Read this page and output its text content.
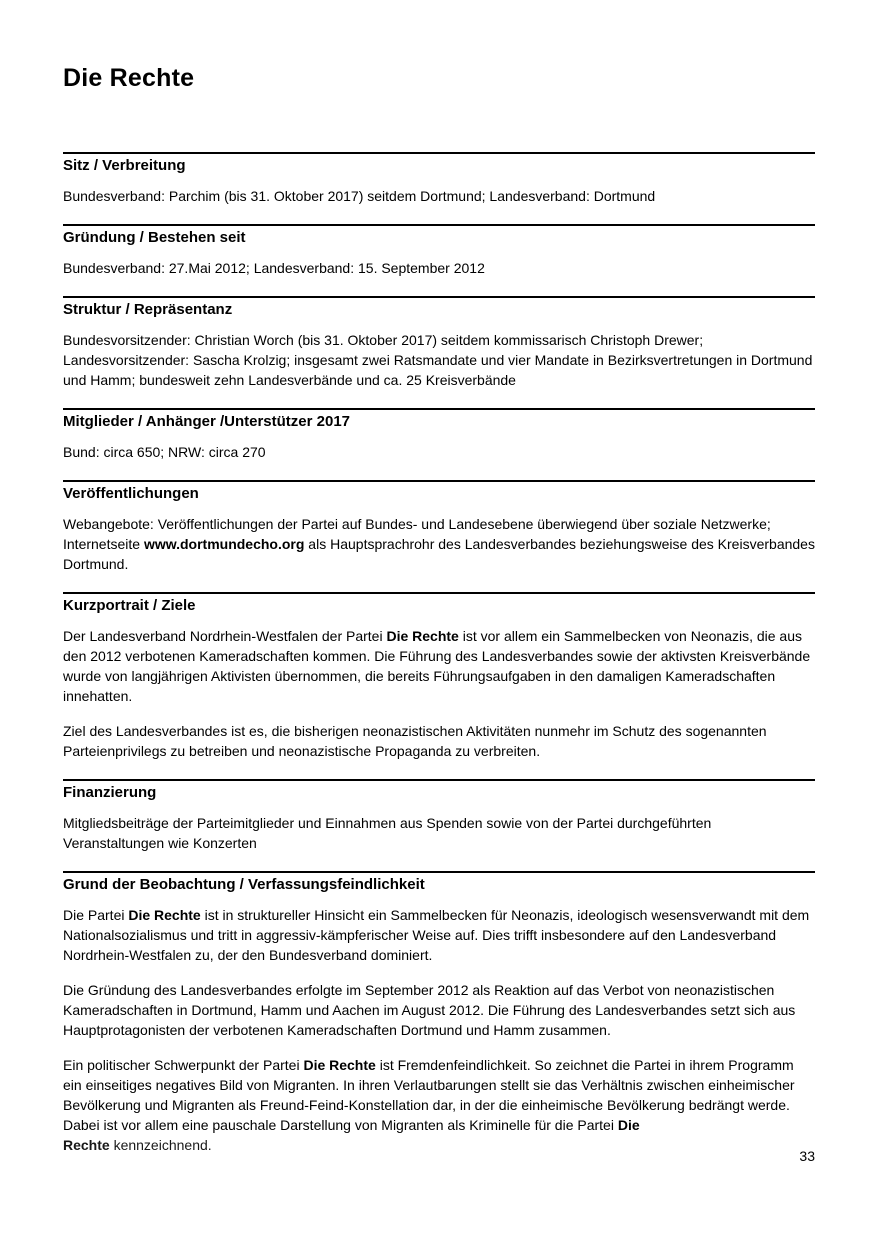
Die Rechte
Sitz / Verbreitung

Bundesverband: Parchim (bis 31. Oktober 2017) seitdem Dortmund; Landesverband: Dortmund

Gründung / Bestehen seit

Bundesverband: 27.Mai 2012; Landesverband: 15. September 2012

Struktur / Repräsentanz

Bundesvorsitzender: Christian Worch (bis 31. Oktober 2017) seitdem kommissarisch Christoph Drewer; Landesvorsitzender: Sascha Krolzig; insgesamt zwei Ratsmandate und vier Mandate in Bezirksvertretungen in Dortmund und Hamm; bundesweit zehn Landesverbände und ca. 25 Kreisverbände

Mitglieder / Anhänger /Unterstützer 2017

Bund: circa 650; NRW: circa 270

Veröffentlichungen

Webangebote: Veröffentlichungen der Partei auf Bundes- und Landesebene überwiegend über soziale Netzwerke; Internetseite www.dortmundecho.org als Hauptsprachrohr des Landesverbandes beziehungsweise des Kreisverbandes Dortmund.

Kurzportrait / Ziele

Der Landesverband Nordrhein-Westfalen der Partei Die Rechte ist vor allem ein Sammelbecken von Neonazis, die aus den 2012 verbotenen Kameradschaften kommen. Die Führung des Landesverbandes sowie der aktivsten Kreisverbände wurde von langjährigen Aktivisten übernommen, die bereits Führungsaufgaben in den damaligen Kameradschaften innehatten.

Ziel des Landesverbandes ist es, die bisherigen neonazistischen Aktivitäten nunmehr im Schutz des sogenannten Parteienprivilegs zu betreiben und neonazistische Propaganda zu verbreiten.

Finanzierung

Mitgliedsbeiträge der Parteimitglieder und Einnahmen aus Spenden sowie von der Partei durchgeführten Veranstaltungen wie Konzerten

Grund der Beobachtung / Verfassungsfeindlichkeit

Die Partei Die Rechte ist in struktureller Hinsicht ein Sammelbecken für Neonazis, ideologisch wesensverwandt mit dem Nationalsozialismus und tritt in aggressiv-kämpferischer Weise auf. Dies trifft insbesondere auf den Landesverband Nordrhein-Westfalen zu, der den Bundesverband dominiert.

Die Gründung des Landesverbandes erfolgte im September 2012 als Reaktion auf das Verbot von neonazistischen Kameradschaften in Dortmund, Hamm und Aachen im August 2012. Die Führung des Landesverbandes setzt sich aus Hauptprotagonisten der verbotenen Kameradschaften Dortmund und Hamm zusammen.

Ein politischer Schwerpunkt der Partei Die Rechte ist Fremdenfeindlichkeit. So zeichnet die Partei in ihrem Programm ein einseitiges negatives Bild von Migranten. In ihren Verlautbarungen stellt sie das Verhältnis zwischen einheimischer Bevölkerung und Migranten als Freund-Feind-Konstellation dar, in der die einheimische Bevölkerung bedrängt werde. Dabei ist vor allem eine pauschale Darstellung von Migranten als Kriminelle für die Partei Die

Rechte kennzeichnend.
33
